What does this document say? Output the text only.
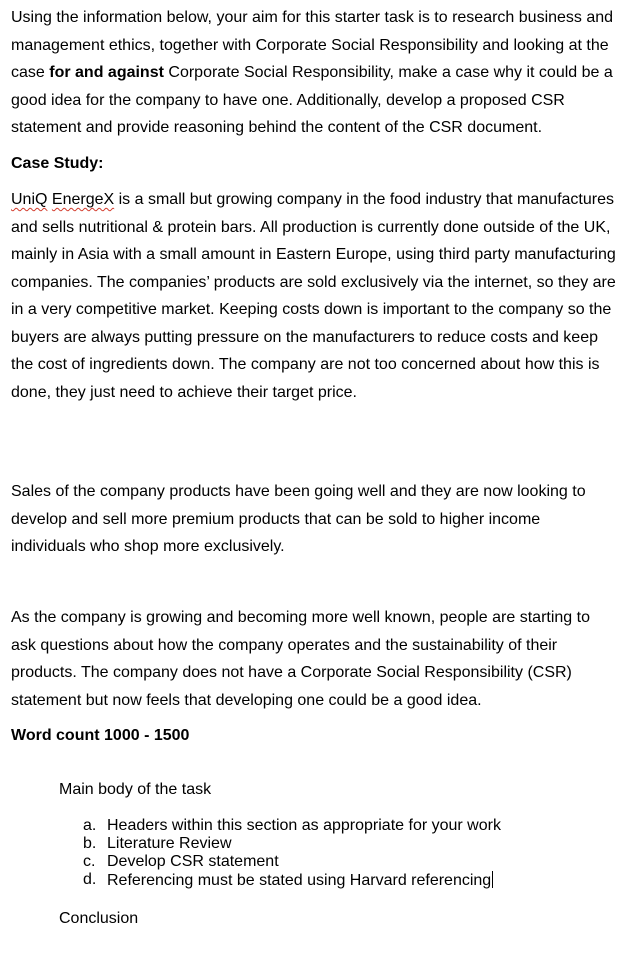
Using the information below, your aim for this starter task is to research business and management ethics, together with Corporate Social Responsibility and looking at the case for and against Corporate Social Responsibility, make a case why it could be a good idea for the company to have one. Additionally, develop a proposed CSR statement and provide reasoning behind the content of the CSR document.

Case Study:

UniQ EnergeX is a small but growing company in the food industry that manufactures and sells nutritional & protein bars. All production is currently done outside of the UK, mainly in Asia with a small amount in Eastern Europe, using third party manufacturing companies. The companies’ products are sold exclusively via the internet, so they are in a very competitive market. Keeping costs down is important to the company so the buyers are always putting pressure on the manufacturers to reduce costs and keep the cost of ingredients down. The company are not too concerned about how this is done, they just need to achieve their target price.

Sales of the company products have been going well and they are now looking to develop and sell more premium products that can be sold to higher income individuals who shop more exclusively.

As the company is growing and becoming more well known, people are starting to ask questions about how the company operates and the sustainability of their products. The company does not have a Corporate Social Responsibility (CSR) statement but now feels that developing one could be a good idea.

Word count 1000 - 1500

Main body of the task

a. Headers within this section as appropriate for your work
b. Literature Review
c. Develop CSR statement
d. Referencing must be stated using Harvard referencing

Conclusion
